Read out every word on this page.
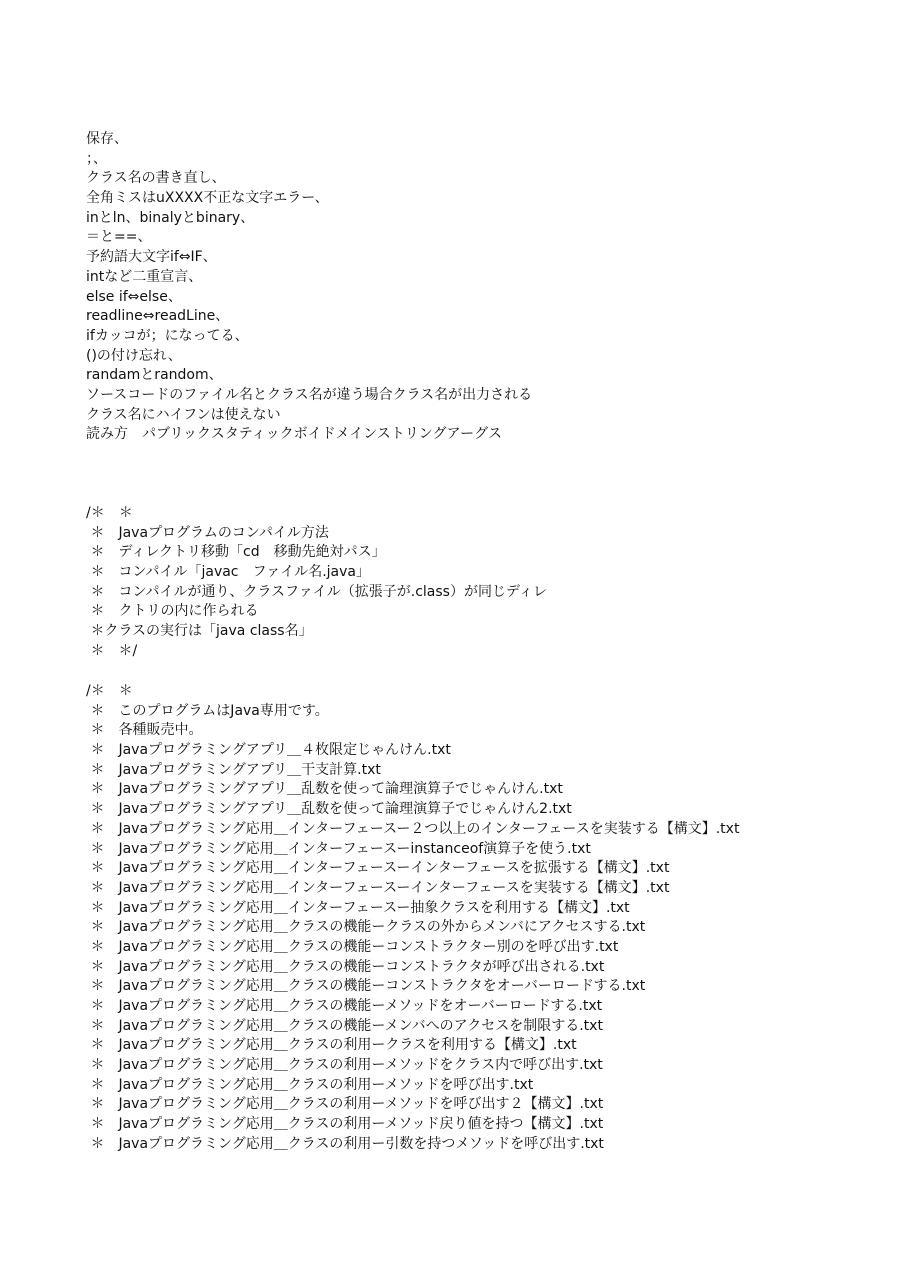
保存、
；、
クラス名の書き直し、
全角ミスはuXXXX不正な文字エラー、
inとln、binalyとbinary、
＝と==、
予約語大文字if⇔IF、
intなど二重宣言、
else if⇔else、
readline⇔readLine、
ifカッコが；になってる、
()の付け忘れ、
randamとrandom、
ソースコードのファイル名とクラス名が違う場合クラス名が出力される
クラス名にハイフンは使えない
読み方　パブリックスタティックボイドメインストリングアーグス
/＊　＊
＊　Javaプログラムのコンパイル方法
＊　ディレクトリ移動「cd　移動先絶対パス」
＊　コンパイル「javac　ファイル名.java」
＊　コンパイルが通り、クラスファイル（拡張子が.class）が同じディレ
＊　クトリの内に作られる
＊クラスの実行は「java class名」
＊　＊/
/＊　＊
＊　このプログラムはJava専用です。
＊　各種販売中。
＊　Javaプログラミングアプリ＿４枚限定じゃんけん.txt
＊　Javaプログラミングアプリ＿干支計算.txt
＊　Javaプログラミングアプリ＿乱数を使って論理演算子でじゃんけん.txt
＊　Javaプログラミングアプリ＿乱数を使って論理演算子でじゃんけん2.txt
＊　Javaプログラミング応用＿インターフェースー２つ以上のインターフェースを実装する【構文】.txt
＊　Javaプログラミング応用＿インターフェースーinstanceof演算子を使う.txt
＊　Javaプログラミング応用＿インターフェースーインターフェースを拡張する【構文】.txt
＊　Javaプログラミング応用＿インターフェースーインターフェースを実装する【構文】.txt
＊　Javaプログラミング応用＿インターフェースー抽象クラスを利用する【構文】.txt
＊　Javaプログラミング応用＿クラスの機能ークラスの外からメンバにアクセスする.txt
＊　Javaプログラミング応用＿クラスの機能ーコンストラクター別のを呼び出す.txt
＊　Javaプログラミング応用＿クラスの機能ーコンストラクタが呼び出される.txt
＊　Javaプログラミング応用＿クラスの機能ーコンストラクタをオーバーロードする.txt
＊　Javaプログラミング応用＿クラスの機能ーメソッドをオーバーロードする.txt
＊　Javaプログラミング応用＿クラスの機能ーメンバへのアクセスを制限する.txt
＊　Javaプログラミング応用＿クラスの利用ークラスを利用する【構文】.txt
＊　Javaプログラミング応用＿クラスの利用ーメソッドをクラス内で呼び出す.txt
＊　Javaプログラミング応用＿クラスの利用ーメソッドを呼び出す.txt
＊　Javaプログラミング応用＿クラスの利用ーメソッドを呼び出す２【構文】.txt
＊　Javaプログラミング応用＿クラスの利用ーメソッド戻り値を持つ【構文】.txt
＊　Javaプログラミング応用＿クラスの利用ー引数を持つメソッドを呼び出す.txt
